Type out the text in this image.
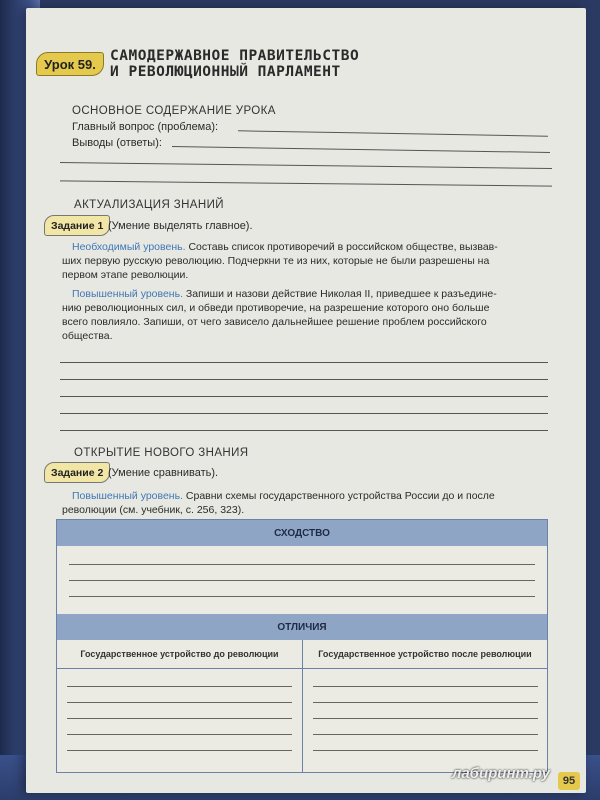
Урок 59. САМОДЕРЖАВНОЕ ПРАВИТЕЛЬСТВО
И РЕВОЛЮЦИОННЫЙ ПАРЛАМЕНТ
ОСНОВНОЕ СОДЕРЖАНИЕ УРОКА
Главный вопрос (проблема):
Выводы (ответы):
АКТУАЛИЗАЦИЯ ЗНАНИЙ
Задание 1 (Умение выделять главное).
Необходимый уровень. Составь список противоречий в российском обществе, вызвав-
ших первую русскую революцию. Подчеркни те из них, которые не были разрешены на
первом этапе революции.
Повышенный уровень. Запиши и назови действие Николая II, приведшее к разъедине-
нию революционных сил, и обведи противоречие, на разрешение которого оно больше
всего повлияло. Запиши, от чего зависело дальнейшее решение проблем российского
общества.
ОТКРЫТИЕ НОВОГО ЗНАНИЯ
Задание 2 (Умение сравнивать).
Повышенный уровень. Сравни схемы государственного устройства России до и после
революции (см. учебник, с. 256, 323).
СХОДСТВО
ОТЛИЧИЯ
Государственное устройство до революции	Государственное устройство после революции
лабиринт.ру	95
